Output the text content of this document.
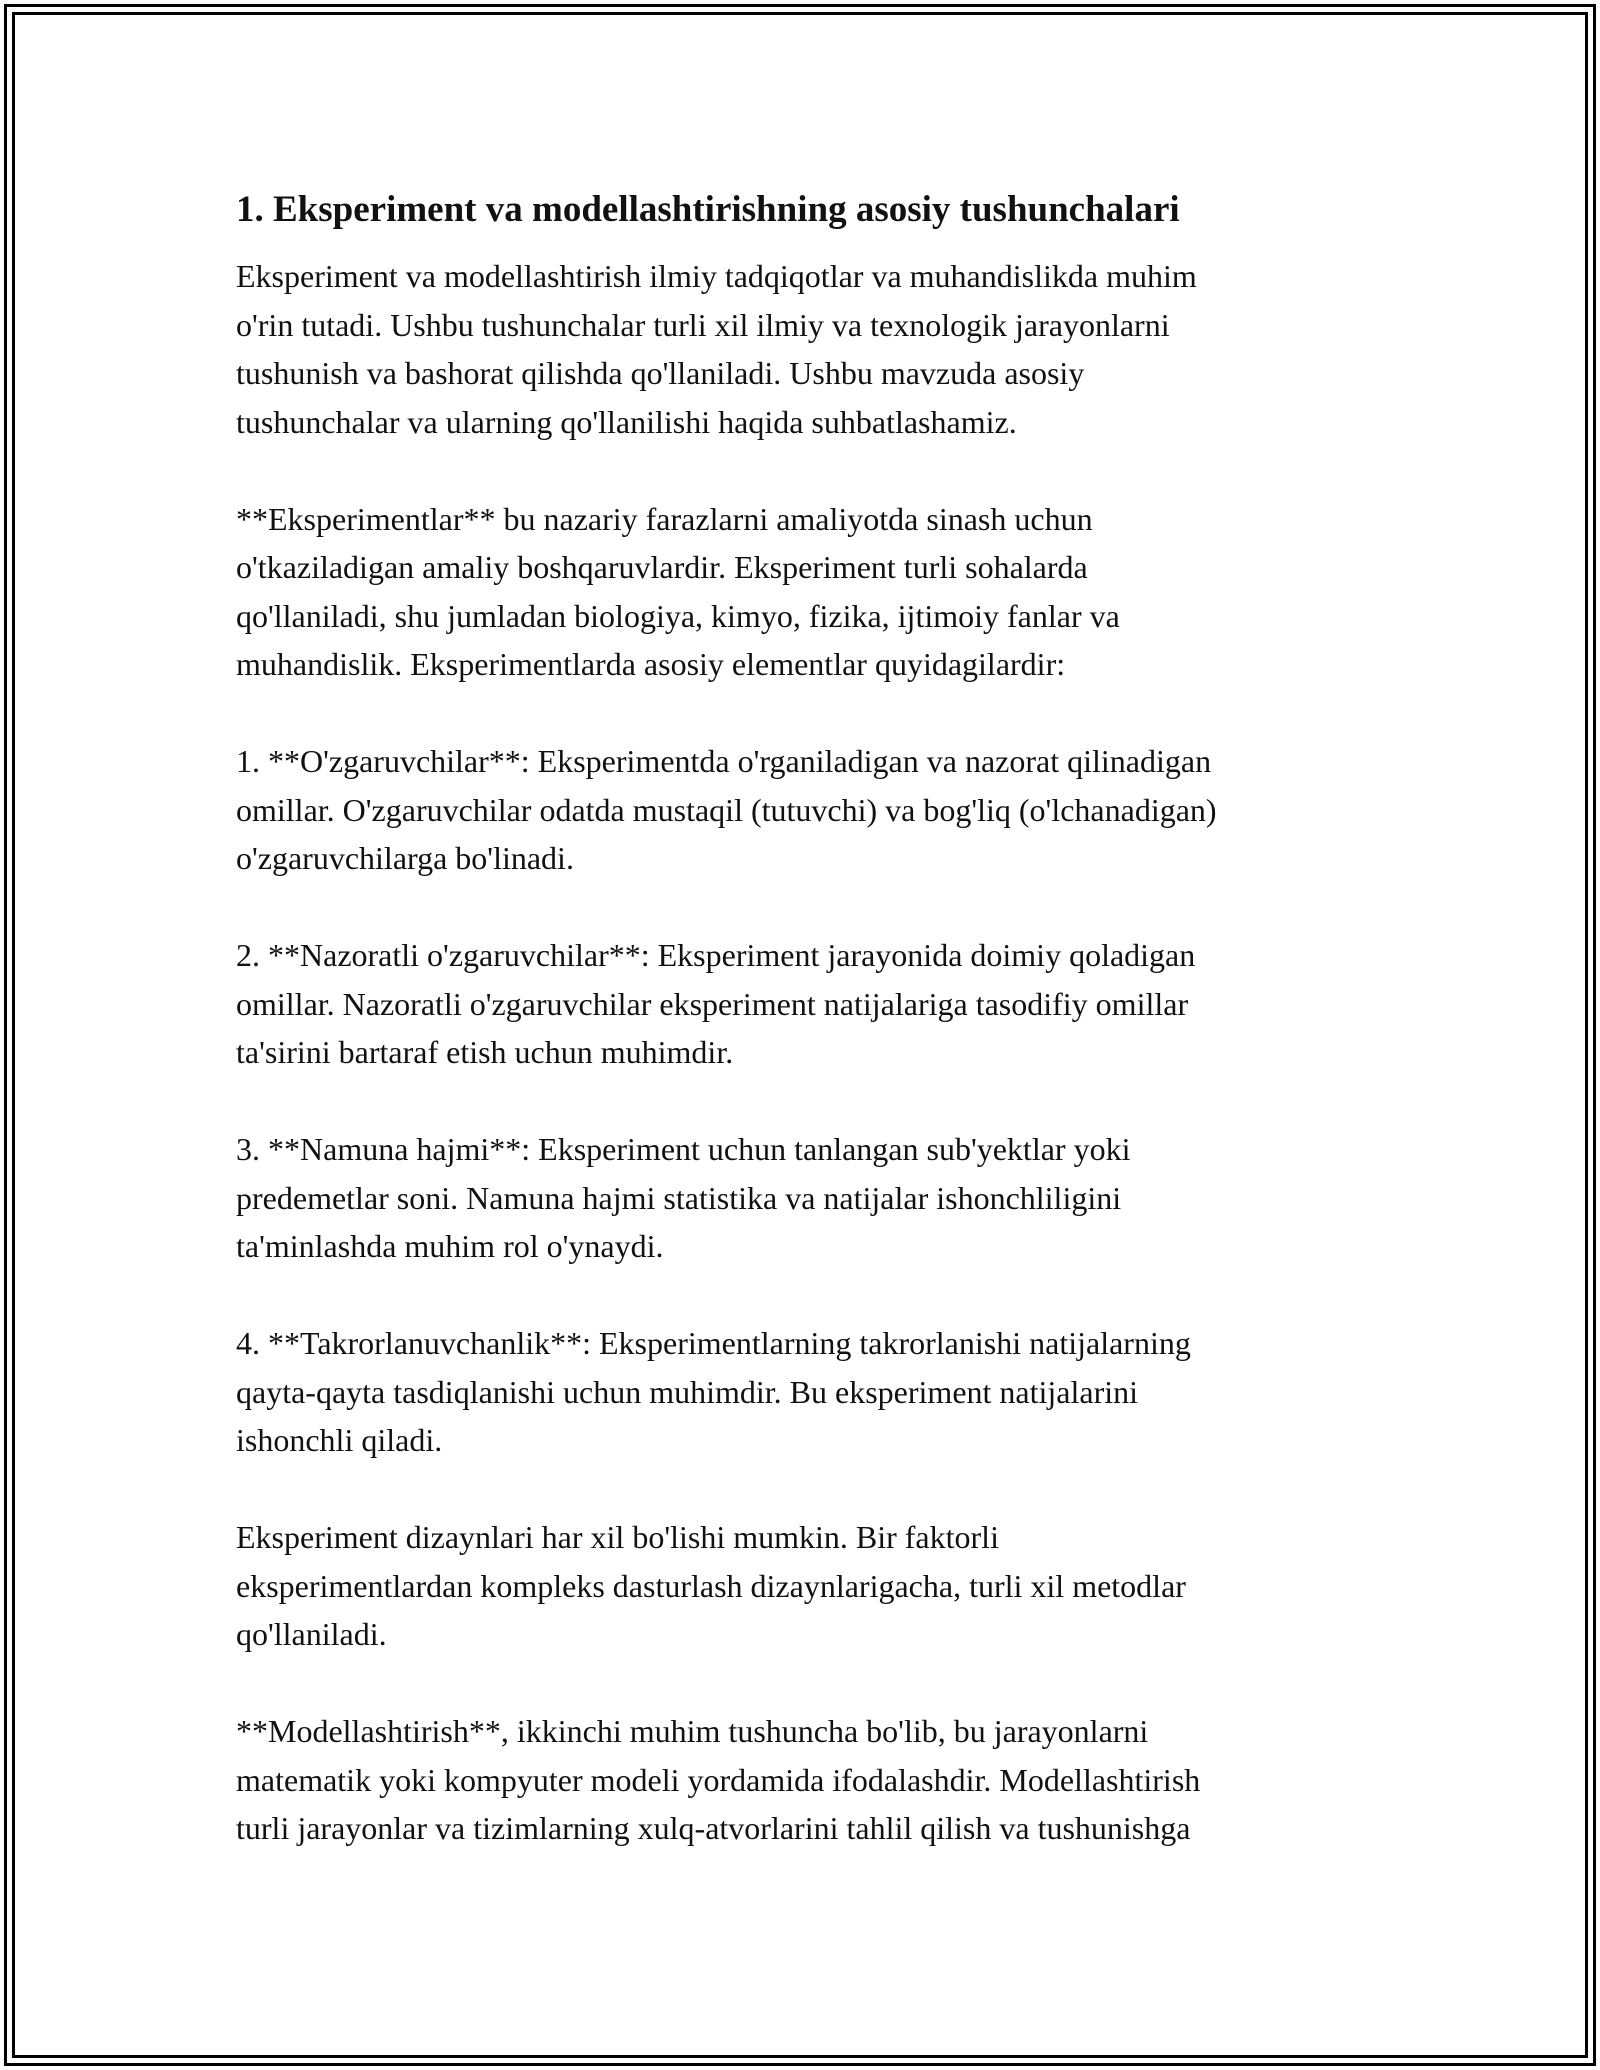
1. Eksperiment va modellashtirishning asosiy tushunchalari

Eksperiment va modellashtirish ilmiy tadqiqotlar va muhandislikda muhim
o'rin tutadi. Ushbu tushunchalar turli xil ilmiy va texnologik jarayonlarni
tushunish va bashorat qilishda qo'llaniladi. Ushbu mavzuda asosiy
tushunchalar va ularning qo'llanilishi haqida suhbatlashamiz.

**Eksperimentlar** bu nazariy farazlarni amaliyotda sinash uchun
o'tkaziladigan amaliy boshqaruvlardir. Eksperiment turli sohalarda
qo'llaniladi, shu jumladan biologiya, kimyo, fizika, ijtimoiy fanlar va
muhandislik. Eksperimentlarda asosiy elementlar quyidagilardir:

1. **O'zgaruvchilar**: Eksperimentda o'rganiladigan va nazorat qilinadigan
omillar. O'zgaruvchilar odatda mustaqil (tutuvchi) va bog'liq (o'lchanadigan)
o'zgaruvchilarga bo'linadi.

2. **Nazoratli o'zgaruvchilar**: Eksperiment jarayonida doimiy qoladigan
omillar. Nazoratli o'zgaruvchilar eksperiment natijalariga tasodifiy omillar
ta'sirini bartaraf etish uchun muhimdir.

3. **Namuna hajmi**: Eksperiment uchun tanlangan sub'yektlar yoki
predemetlar soni. Namuna hajmi statistika va natijalar ishonchliligini
ta'minlashda muhim rol o'ynaydi.

4. **Takrorlanuvchanlik**: Eksperimentlarning takrorlanishi natijalarning
qayta-qayta tasdiqlanishi uchun muhimdir. Bu eksperiment natijalarini
ishonchli qiladi.

Eksperiment dizaynlari har xil bo'lishi mumkin. Bir faktorli
eksperimentlardan kompleks dasturlash dizaynlarigacha, turli xil metodlar
qo'llaniladi.

**Modellashtirish**, ikkinchi muhim tushuncha bo'lib, bu jarayonlarni
matematik yoki kompyuter modeli yordamida ifodalashdir. Modellashtirish
turli jarayonlar va tizimlarning xulq-atvorlarini tahlil qilish va tushunishga
